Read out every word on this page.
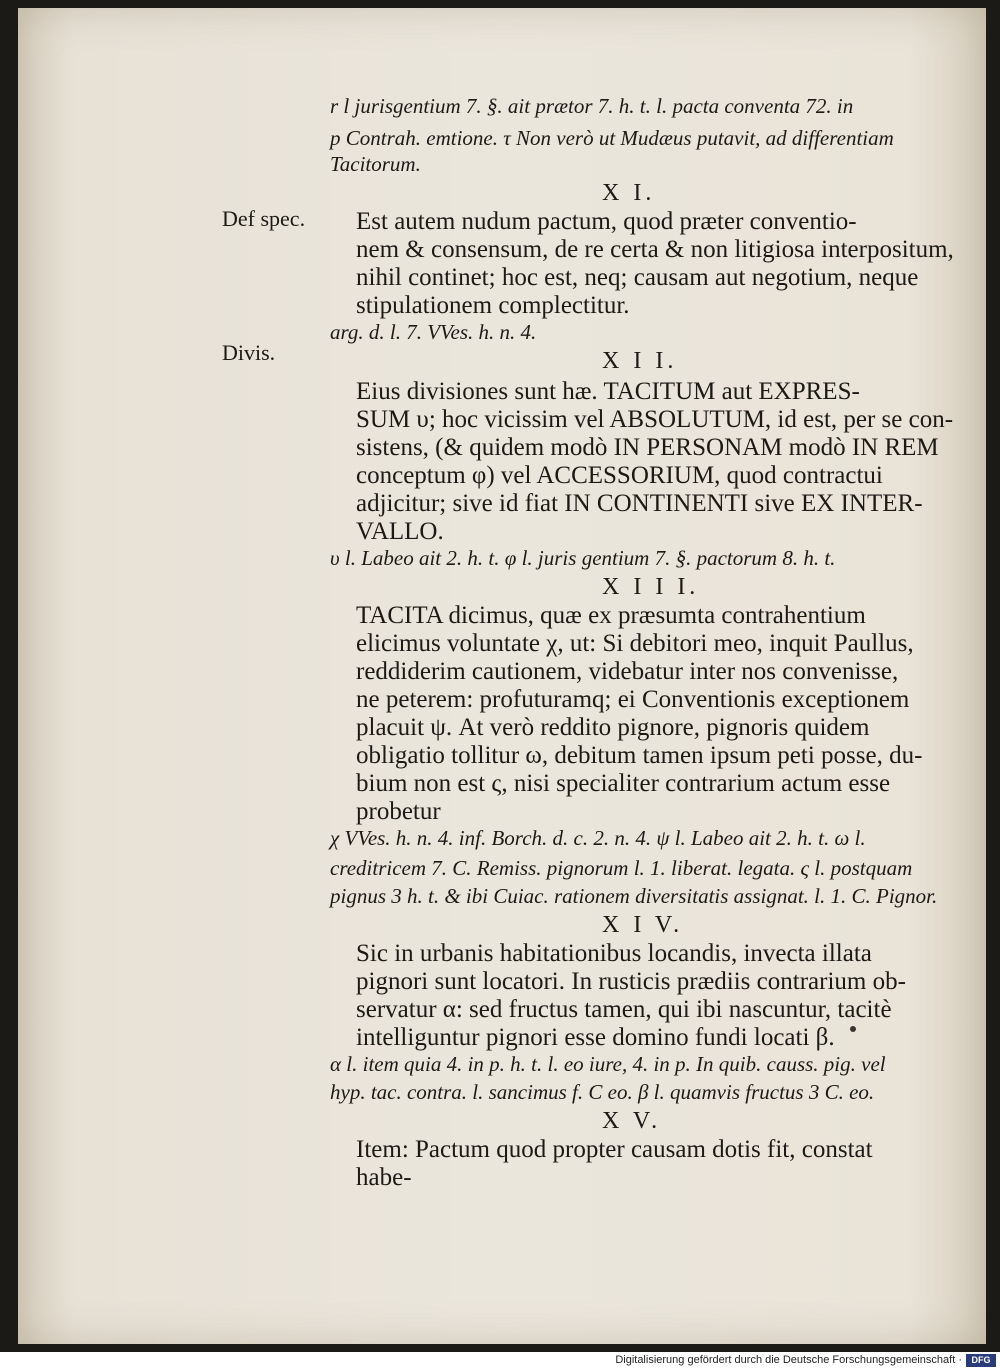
r l jurisgentium 7. §. ait prætor 7. h. t. l. pacta conventa 72. in
p Contrah. emtione. τ Non verò ut Mudæus putavit, ad differentiam
Tacitorum.
X I.
Est autem nudum pactum, quod præter conventio-
nem & consensum, de re certa & non litigiosa interpositum,
nihil continet; hoc est, neq; causam aut negotium, neque
stipulationem complectitur.
arg. d. l. 7. VVes. h. n. 4.
X I I.
Eius divisiones sunt hæ. TACITUM aut EXPRES-
SUM υ; hoc vicissim vel ABSOLUTUM, id est, per se con-
sistens, (& quidem modò IN PERSONAM modò IN REM
conceptum φ) vel ACCESSORIUM, quod contractui
adjicitur; sive id fiat IN CONTINENTI sive EX INTER-
VALLO.
υ l. Labeo ait 2. h. t. φ l. juris gentium 7. §. pactorum 8. h. t.
X I I I.
TACITA dicimus, quæ ex præsumta contrahentium
elicimus voluntate χ, ut: Si debitori meo, inquit Paullus,
reddiderim cautionem, videbatur inter nos convenisse,
ne peterem: profuturamq; ei Conventionis exceptionem
placuit ψ. At verò reddito pignore, pignoris quidem
obligatio tollitur ω, debitum tamen ipsum peti posse, du-
bium non est ς, nisi specialiter contrarium actum esse
probetur
χ VVes. h. n. 4. inf. Borch. d. c. 2. n. 4. ψ l. Labeo ait 2. h. t. ω l.
creditricem 7. C. Remiss. pignorum l. 1. liberat. legata. ς l. postquam
pignus 3 h. t. & ibi Cuiac. rationem diversitatis assignat. l. 1. C. Pignor.
X I V.
Sic in urbanis habitationibus locandis, invecta illata
pignori sunt locatori. In rusticis prædiis contrarium ob-
servatur α: sed fructus tamen, qui ibi nascuntur, tacitè
intelliguntur pignori esse domino fundi locati β.
α l. item quia 4. in p. h. t. l. eo iure, 4. in p. In quib. causs. pig. vel
hyp. tac. contra. l. sancimus f. C eo. β l. quamvis fructus 3 C. eo.
X V.
Item: Pactum quod propter causam dotis fit, constat
habe-
Def spec.
Divis.
Digitalisierung gefördert durch die Deutsche Forschungsgemeinschaft ·	DFG
